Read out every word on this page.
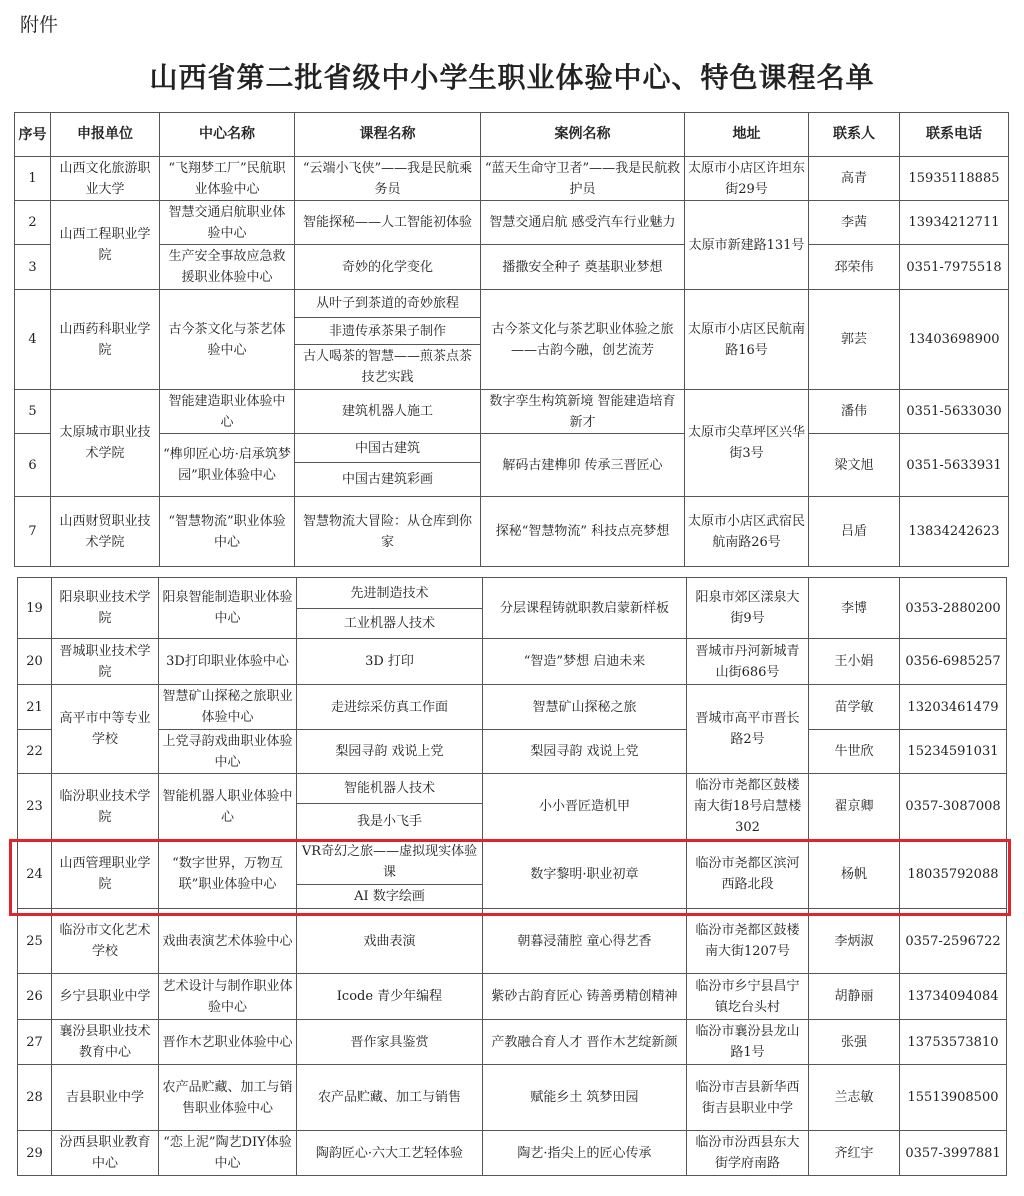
附件
山西省第二批省级中小学生职业体验中心、特色课程名单
序号	申报单位	中心名称	课程名称	案例名称	地址	联系人	联系电话
1	山西文化旅游职业大学	“飞翔梦工厂”民航职业体验中心	“云端小飞侠”——我是民航乘务员	“蓝天生命守卫者”——我是民航救护员	太原市小店区许坦东街29号	高青	15935118885
2	山西工程职业学院	智慧交通启航职业体验中心	智能探秘——人工智能初体验	智慧交通启航 感受汽车行业魅力	太原市新建路131号	李茜	13934212711
3		生产安全事故应急救援职业体验中心	奇妙的化学变化	播撒安全种子 奠基职业梦想		邳荣伟	0351-7975518
4	山西药科职业学院	古今茶文化与茶艺体验中心	从叶子到茶道的奇妙旅程	古今茶文化与茶艺职业体验之旅——古韵今融，创艺流芳	太原市小店区民航南路16号	郭芸	13403698900
			非遗传承茶果子制作				
			古人喝茶的智慧——煎茶点茶技艺实践				
5	太原城市职业技术学院	智能建造职业体验中心	建筑机器人施工	数字孪生构筑新境 智能建造培育新才	太原市尖草坪区兴华街3号	潘伟	0351-5633030
6		“榫卯匠心坊·启承筑梦园”职业体验中心	中国古建筑	解码古建榫卯 传承三晋匠心		梁文旭	0351-5633931
			中国古建筑彩画				
7	山西财贸职业技术学院	“智慧物流”职业体验中心	智慧物流大冒险：从仓库到你家	探秘“智慧物流” 科技点亮梦想	太原市小店区武宿民航南路26号	吕盾	13834242623
19	阳泉职业技术学院	阳泉智能制造职业体验中心	先进制造技术	分层课程铸就职教启蒙新样板	阳泉市郊区漾泉大街9号	李博	0353-2880200
			工业机器人技术				
20	晋城职业技术学院	3D打印职业体验中心	3D 打印	“智造”梦想 启迪未来	晋城市丹河新城青山街686号	王小娟	0356-6985257
21	高平市中等专业学校	智慧矿山探秘之旅职业体验中心	走进综采仿真工作面	智慧矿山探秘之旅	晋城市高平市晋长路2号	苗学敏	13203461479
22		上党寻韵戏曲职业体验中心	梨园寻韵 戏说上党	梨园寻韵 戏说上党		牛世欣	15234591031
23	临汾职业技术学院	智能机器人职业体验中心	智能机器人技术	小小晋匠造机甲	临汾市尧都区鼓楼南大街18号启慧楼302	翟京卿	0357-3087008
			我是小飞手				
24	山西管理职业学院	“数字世界，万物互联”职业体验中心	VR奇幻之旅——虚拟现实体验课	数字黎明·职业初章	临汾市尧都区滨河西路北段	杨帆	18035792088
			AI 数字绘画				
25	临汾市文化艺术学校	戏曲表演艺术体验中心	戏曲表演	朝暮浸蒲腔 童心得艺香	临汾市尧都区鼓楼南大街1207号	李炳淑	0357-2596722
26	乡宁县职业中学	艺术设计与制作职业体验中心	Icode 青少年编程	紫砂古韵育匠心 铸善勇精创精神	临汾市乡宁县昌宁镇圪台头村	胡静丽	13734094084
27	襄汾县职业技术教育中心	晋作木艺职业体验中心	晋作家具鉴赏	产教融合育人才 晋作木艺绽新颜	临汾市襄汾县龙山路1号	张强	13753573810
28	吉县职业中学	农产品贮藏、加工与销售职业体验中心	农产品贮藏、加工与销售	赋能乡土 筑梦田园	临汾市吉县新华西街吉县职业中学	兰志敏	15513908500
29	汾西县职业教育中心	“恋上泥”陶艺DIY体验中心	陶韵匠心·六大工艺轻体验	陶艺·指尖上的匠心传承	临汾市汾西县东大街学府南路	齐红宇	0357-3997881
